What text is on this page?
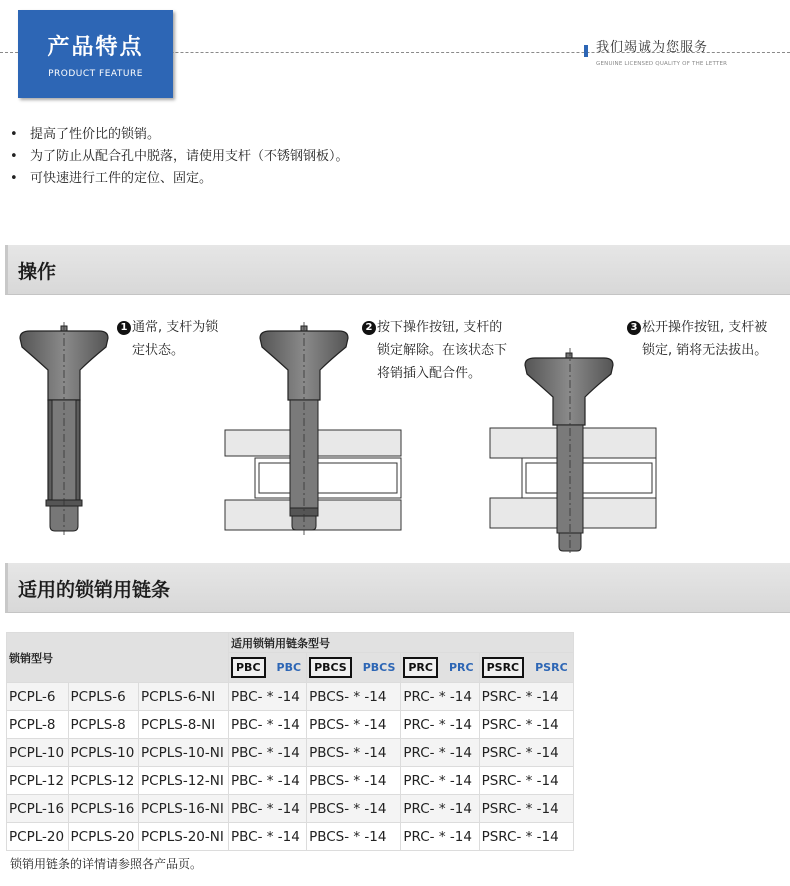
产品特点
PRODUCT FEATURE
我们竭诚为您服务
GENUINE LICENSED QUALITY OF THE LETTER
• 提高了性价比的锁销。
• 为了防止从配合孔中脱落，请使用支杆（不锈钢钢板）。
• 可快速进行工件的定位、固定。
操作
1 通常, 支杆为锁
定状态。
2 按下操作按钮, 支杆的
锁定解除。在该状态下
将销插入配合件。
3 松开操作按钮, 支杆被
锁定, 销将无法拔出。
适用的锁销用链条
锁销型号			适用锁销用链条型号			
			PBC PBC	PBCS PBCS	PRC PRC	PSRC PSRC
PCPL-6	PCPLS-6	PCPLS-6-NI	PBC- * -14	PBCS- * -14	PRC- * -14	PSRC- * -14
PCPL-8	PCPLS-8	PCPLS-8-NI	PBC- * -14	PBCS- * -14	PRC- * -14	PSRC- * -14
PCPL-10	PCPLS-10	PCPLS-10-NI	PBC- * -14	PBCS- * -14	PRC- * -14	PSRC- * -14
PCPL-12	PCPLS-12	PCPLS-12-NI	PBC- * -14	PBCS- * -14	PRC- * -14	PSRC- * -14
PCPL-16	PCPLS-16	PCPLS-16-NI	PBC- * -14	PBCS- * -14	PRC- * -14	PSRC- * -14
PCPL-20	PCPLS-20	PCPLS-20-NI	PBC- * -14	PBCS- * -14	PRC- * -14	PSRC- * -14
锁销用链条的详情请参照各产品页。
